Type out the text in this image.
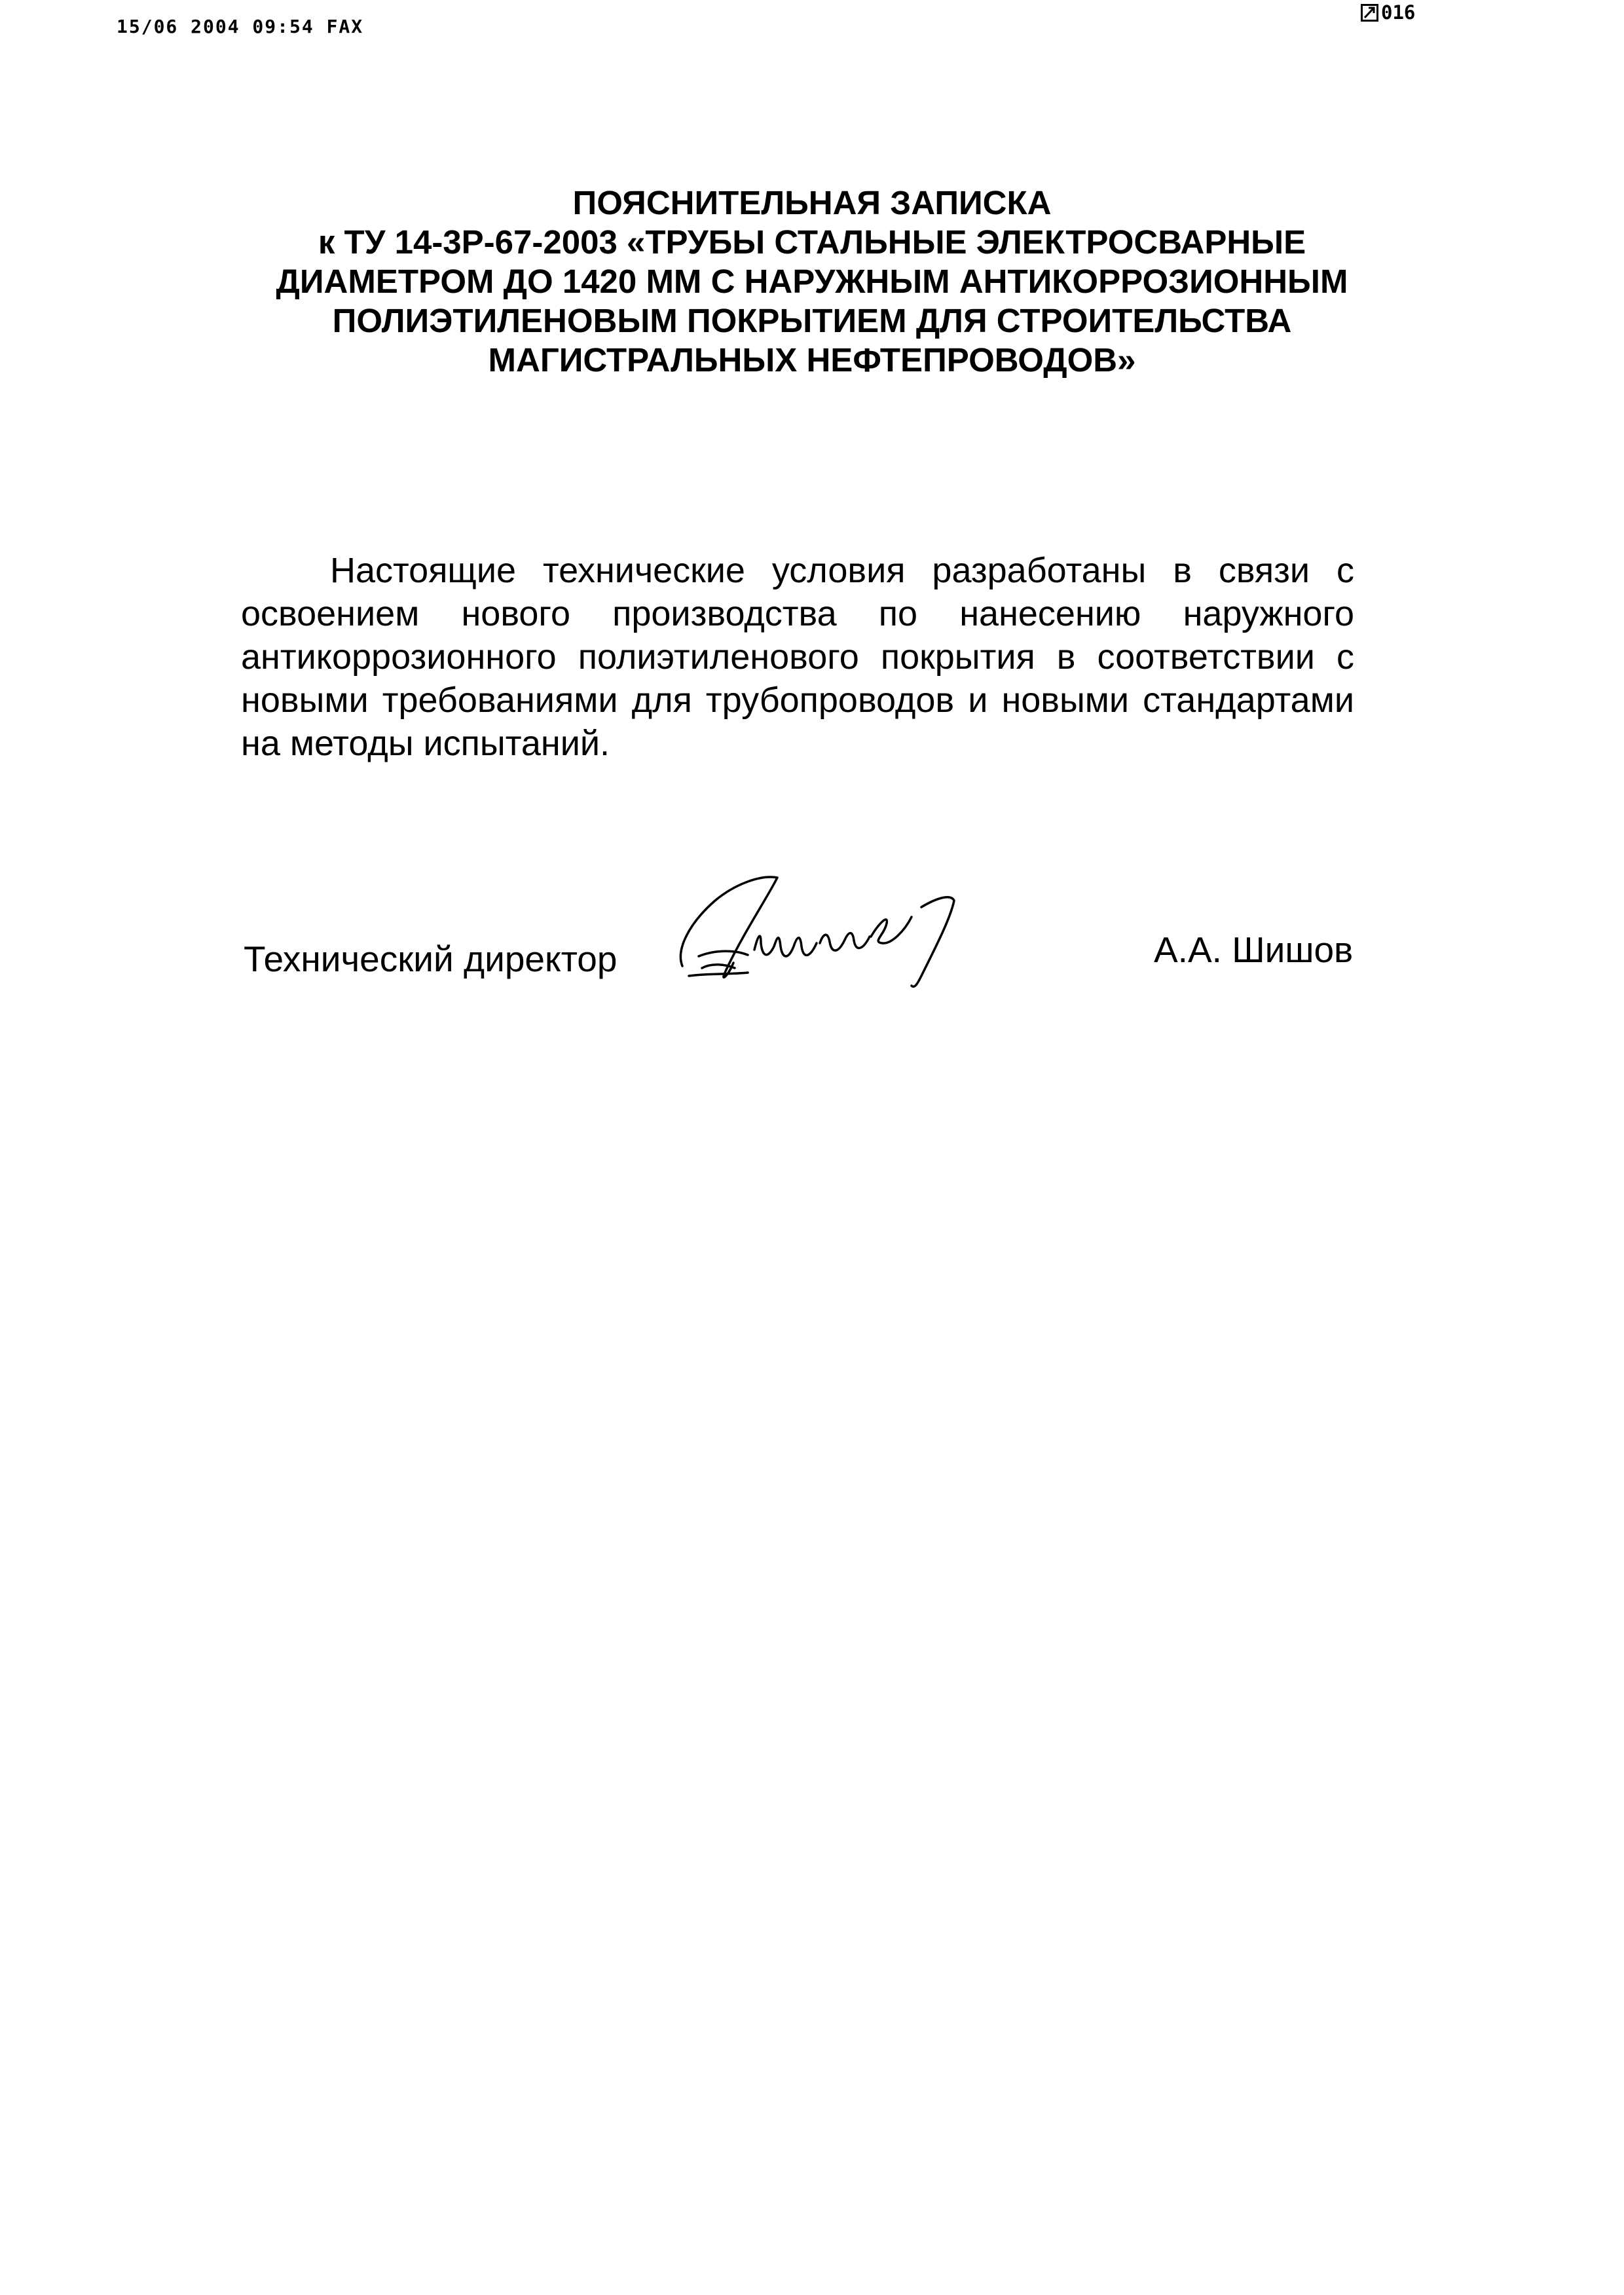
15/06 2004 09:54 FAX
016
ПОЯСНИТЕЛЬНАЯ ЗАПИСКА
к ТУ 14-3Р-67-2003 «ТРУБЫ СТАЛЬНЫЕ ЭЛЕКТРОСВАРНЫЕ
ДИАМЕТРОМ ДО 1420 ММ С НАРУЖНЫМ АНТИКОРРОЗИОННЫМ
ПОЛИЭТИЛЕНОВЫМ ПОКРЫТИЕМ ДЛЯ СТРОИТЕЛЬСТВА
МАГИСТРАЛЬНЫХ НЕФТЕПРОВОДОВ»
Настоящие технические условия разработаны в связи с
освоением нового производства по нанесению наружного
антикоррозионного полиэтиленового покрытия в соответствии с
новыми требованиями для трубопроводов и новыми стандартами
на методы испытаний.
Технический директор	А.А. Шишов
